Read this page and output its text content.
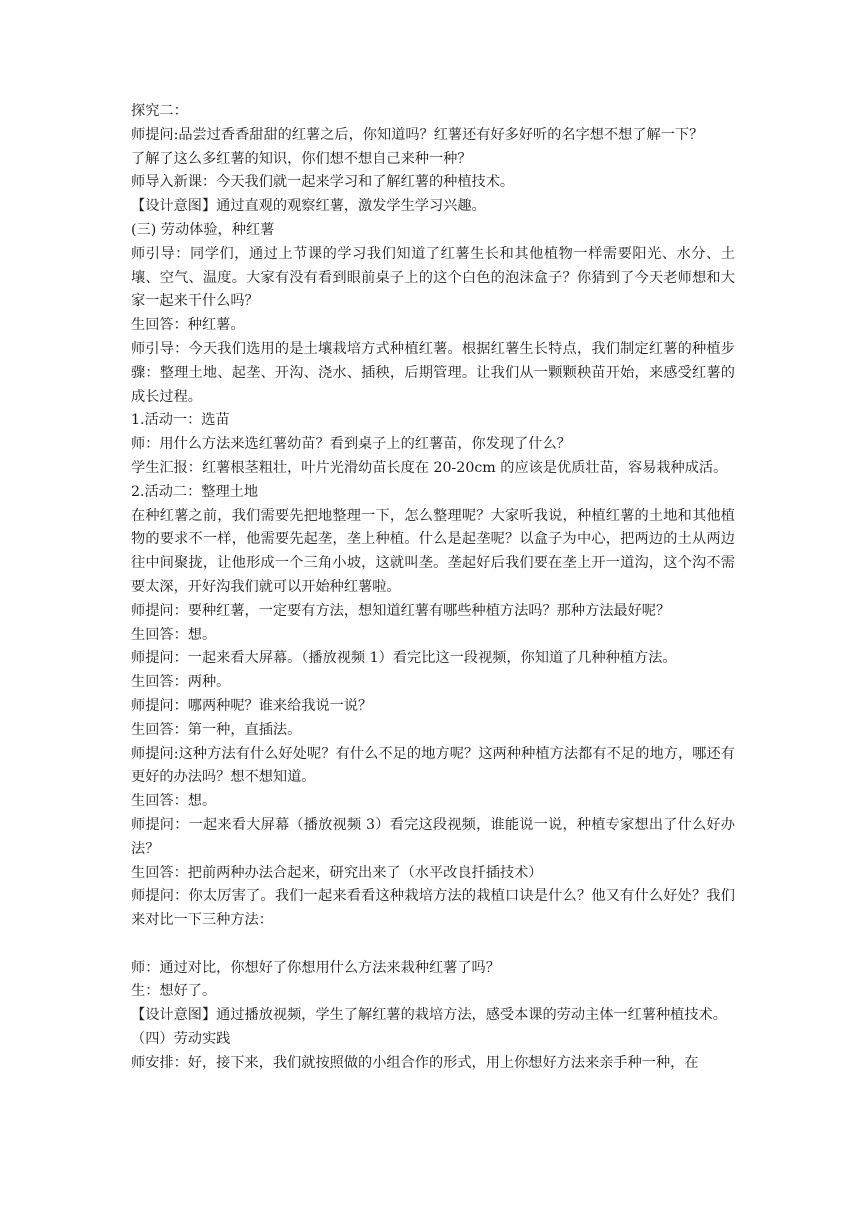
探究二：

师提问:品尝过香香甜甜的红薯之后，你知道吗？红薯还有好多好听的名字想不想了解一下？

了解了这么多红薯的知识，你们想不想自己来种一种？

师导入新课：今天我们就一起来学习和了解红薯的种植技术。

【设计意图】通过直观的观察红薯，激发学生学习兴趣。

(三) 劳动体验，种红薯

师引导：同学们，通过上节课的学习我们知道了红薯生长和其他植物一样需要阳光、水分、土壤、空气、温度。大家有没有看到眼前桌子上的这个白色的泡沫盒子？你猜到了今天老师想和大家一起来干什么吗？

生回答：种红薯。

师引导：今天我们选用的是土壤栽培方式种植红薯。根据红薯生长特点，我们制定红薯的种植步骤：整理土地、起垄、开沟、浇水、插秧，后期管理。让我们从一颗颗秧苗开始，来感受红薯的成长过程。

1.活动一：选苗

师：用什么方法来选红薯幼苗？看到桌子上的红薯苗，你发现了什么？

学生汇报：红薯根茎粗壮，叶片光滑幼苗长度在 20-20cm 的应该是优质壮苗，容易栽种成活。

2.活动二：整理土地

在种红薯之前，我们需要先把地整理一下，怎么整理呢？大家听我说，种植红薯的土地和其他植物的要求不一样，他需要先起垄，垄上种植。什么是起垄呢？以盒子为中心，把两边的土从两边往中间聚拢，让他形成一个三角小坡，这就叫垄。垄起好后我们要在垄上开一道沟，这个沟不需要太深，开好沟我们就可以开始种红薯啦。

师提问：要种红薯，一定要有方法，想知道红薯有哪些种植方法吗？那种方法最好呢？

生回答：想。

师提问：一起来看大屏幕。（播放视频 1）看完比这一段视频，你知道了几种种植方法。

生回答：两种。

师提问：哪两种呢？谁来给我说一说？

生回答：第一种，直插法。

师提问:这种方法有什么好处呢？有什么不足的地方呢？这两种种植方法都有不足的地方，哪还有更好的办法吗？想不想知道。

生回答：想。

师提问：一起来看大屏幕（播放视频 3）看完这段视频，谁能说一说，种植专家想出了什么好办法？

生回答：把前两种办法合起来，研究出来了（水平改良扦插技术）

师提问：你太厉害了。我们一起来看看这种栽培方法的栽植口诀是什么？他又有什么好处？我们来对比一下三种方法：

师：通过对比，你想好了你想用什么方法来栽种红薯了吗？

生：想好了。

【设计意图】通过播放视频，学生了解红薯的栽培方法，感受本课的劳动主体一红薯种植技术。

（四）劳动实践

师安排：好，接下来，我们就按照做的小组合作的形式，用上你想好方法来亲手种一种，在
